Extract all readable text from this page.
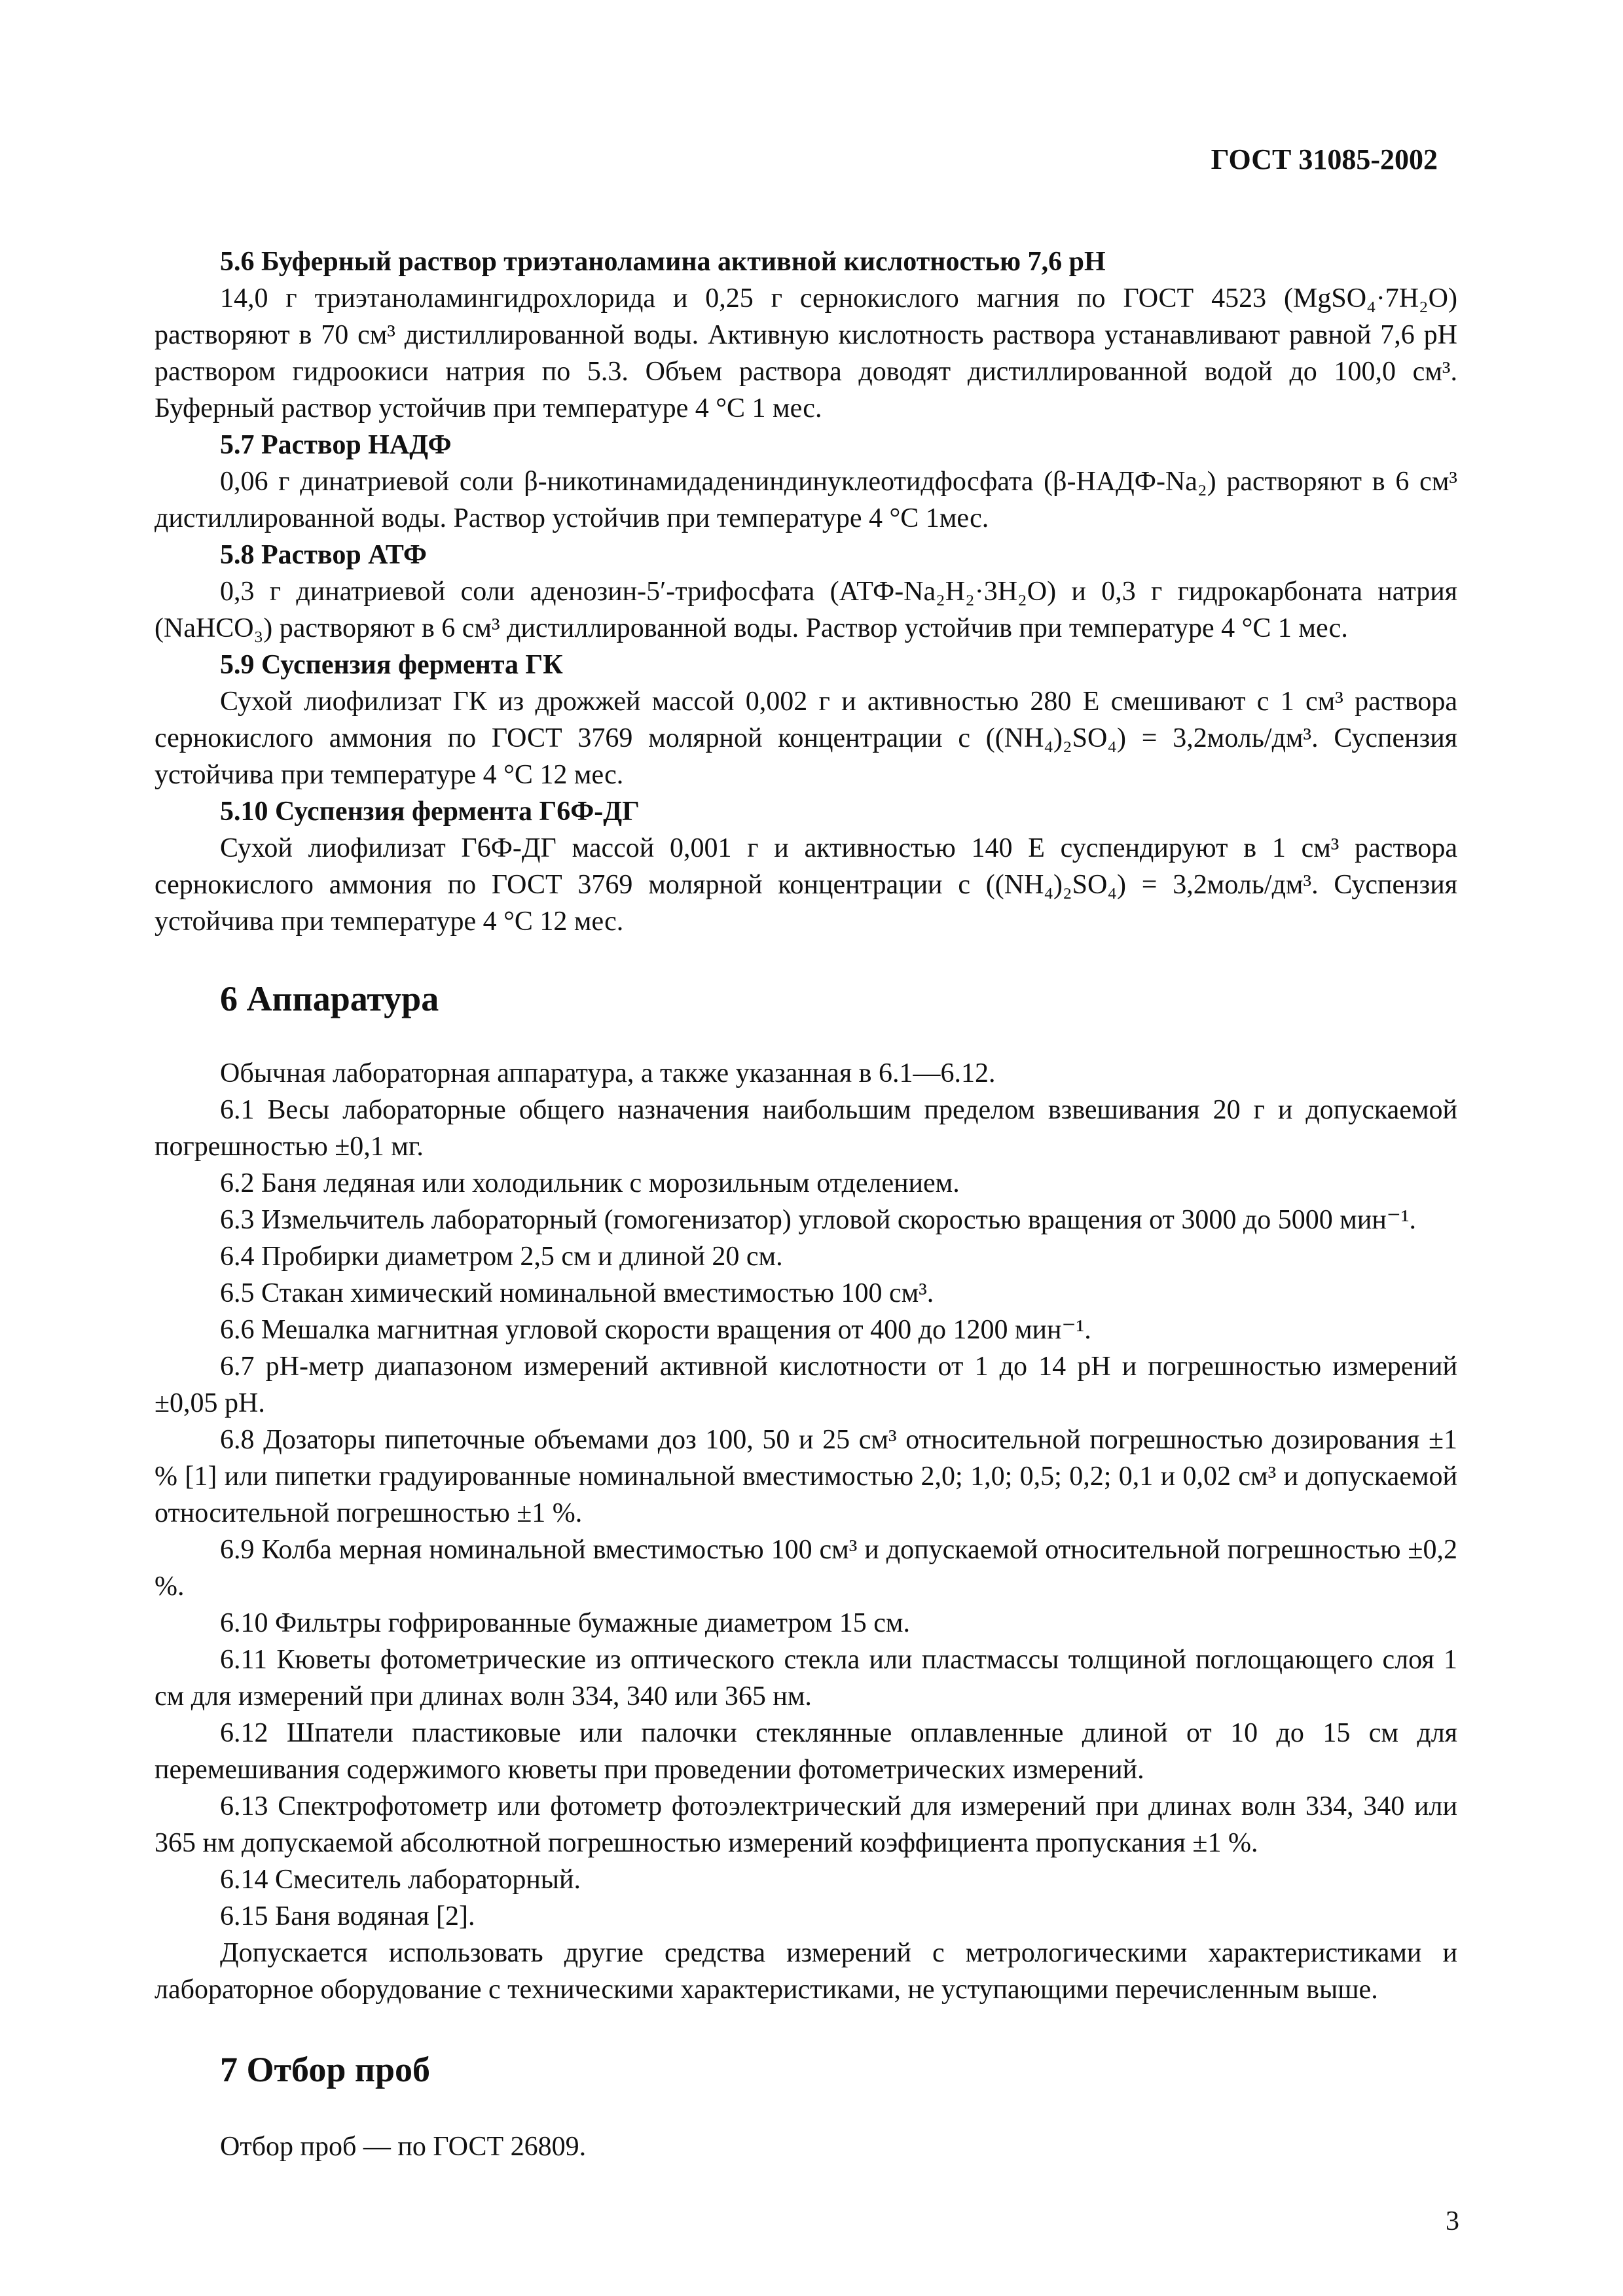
ГОСТ 31085-2002

5.6 Буферный раствор триэтаноламина активной кислотностью 7,6 pH

14,0 г триэтаноламингидрохлорида и 0,25 г сернокислого магния по ГОСТ 4523 (MgSO₄·7H₂O) растворяют в 70 см³ дистиллированной воды. Активную кислотность раствора устанавливают равной 7,6 pH раствором гидроокиси натрия по 5.3. Объем раствора доводят дистиллированной водой до 100,0 см³. Буферный раствор устойчив при температуре 4 °С 1 мес.

5.7 Раствор НАДФ

0,06 г динатриевой соли β-никотинамидадениндинуклеотидфосфата (β-НАДФ-Na₂) растворяют в 6 см³ дистиллированной воды. Раствор устойчив при температуре 4 °С 1мес.

5.8 Раствор АТФ

0,3 г динатриевой соли аденозин-5′-трифосфата (АТФ-Na₂H₂·3H₂O) и 0,3 г гидрокарбоната натрия (NaHCO₃) растворяют в 6 см³ дистиллированной воды. Раствор устойчив при температуре 4 °С 1 мес.

5.9 Суспензия фермента ГК

Сухой лиофилизат ГК из дрожжей массой 0,002 г и активностью 280 Е смешивают с 1 см³ раствора сернокислого аммония по ГОСТ 3769 молярной концентрации c ((NH₄)₂SO₄) = 3,2моль/дм³. Суспензия устойчива при температуре 4 °С 12 мес.

5.10 Суспензия фермента Г6Ф-ДГ

Сухой лиофилизат Г6Ф-ДГ массой 0,001 г и активностью 140 Е суспендируют в 1 см³ раствора сернокислого аммония по ГОСТ 3769 молярной концентрации c ((NH₄)₂SO₄) = 3,2моль/дм³. Суспензия устойчива при температуре 4 °С 12 мес.

6 Аппаратура

Обычная лабораторная аппаратура, а также указанная в 6.1—6.12.

6.1 Весы лабораторные общего назначения наибольшим пределом взвешивания 20 г и допускаемой погрешностью ±0,1 мг.

6.2 Баня ледяная или холодильник с морозильным отделением.

6.3 Измельчитель лабораторный (гомогенизатор) угловой скоростью вращения от 3000 до 5000 мин⁻¹.

6.4 Пробирки диаметром 2,5 см и длиной 20 см.

6.5 Стакан химический номинальной вместимостью 100 см³.

6.6 Мешалка магнитная угловой скорости вращения от 400 до 1200 мин⁻¹.

6.7 pH-метр диапазоном измерений активной кислотности от 1 до 14 pH и погрешностью измерений ±0,05 pH.

6.8 Дозаторы пипеточные объемами доз 100, 50 и 25 см³ относительной погрешностью дозирования ±1 % [1] или пипетки градуированные номинальной вместимостью 2,0; 1,0; 0,5; 0,2; 0,1 и 0,02 см³ и допускаемой относительной погрешностью ±1 %.

6.9 Колба мерная номинальной вместимостью 100 см³ и допускаемой относительной погрешностью ±0,2 %.

6.10 Фильтры гофрированные бумажные диаметром 15 см.

6.11 Кюветы фотометрические из оптического стекла или пластмассы толщиной поглощающего слоя 1 см для измерений при длинах волн 334, 340 или 365 нм.

6.12 Шпатели пластиковые или палочки стеклянные оплавленные длиной от 10 до 15 см для перемешивания содержимого кюветы при проведении фотометрических измерений.

6.13 Спектрофотометр или фотометр фотоэлектрический для измерений при длинах волн 334, 340 или 365 нм допускаемой абсолютной погрешностью измерений коэффициента пропускания ±1 %.

6.14 Смеситель лабораторный.

6.15 Баня водяная [2].

Допускается использовать другие средства измерений с метрологическими характеристиками и лабораторное оборудование с техническими характеристиками, не уступающими перечисленным выше.

7 Отбор проб

Отбор проб — по ГОСТ 26809.

3
